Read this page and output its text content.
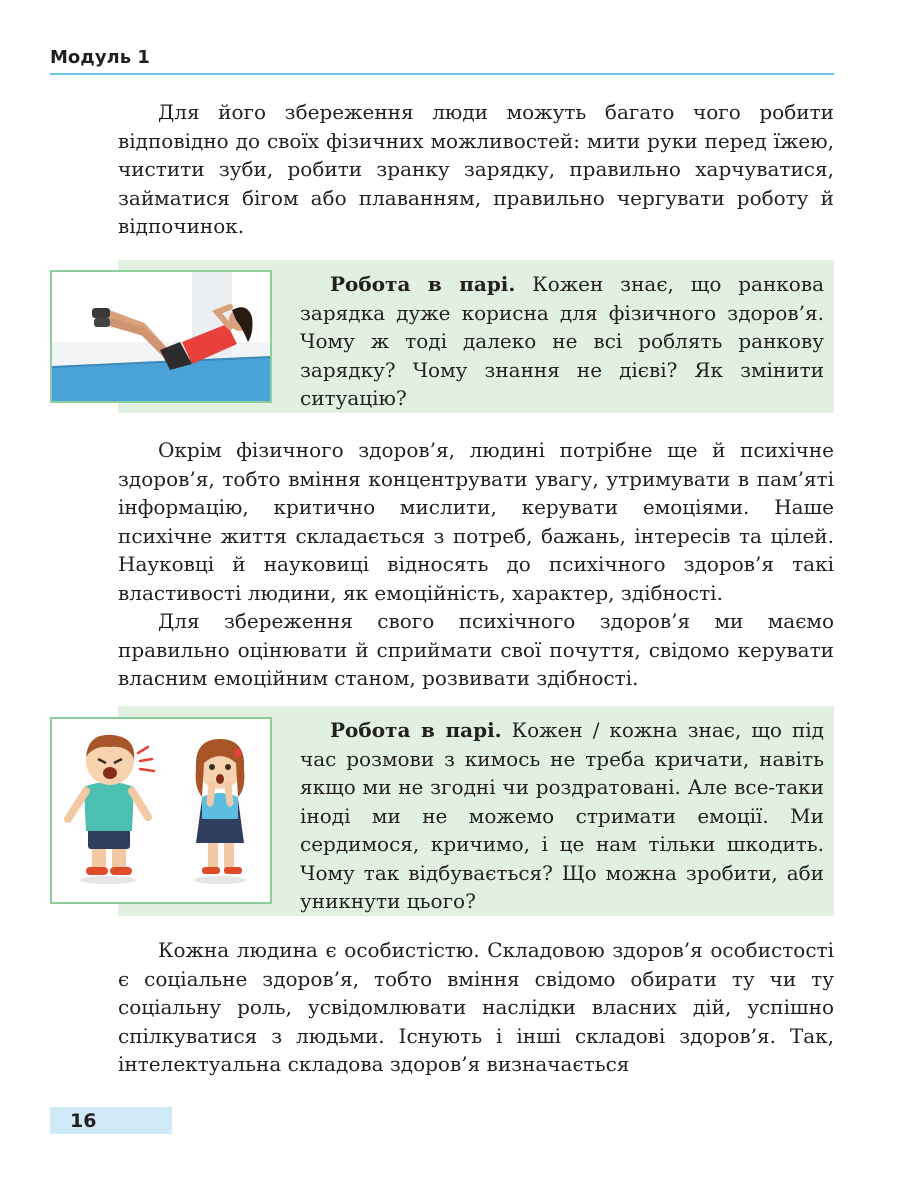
Модуль 1

Для його збереження люди можуть багато чого робити відповідно до своїх фізичних можливостей: мити руки перед їжею, чистити зуби, робити зранку зарядку, правильно харчуватися, займатися бігом або плаванням, правильно чергувати роботу й відпочинок.

Робота в парі. Кожен знає, що ранкова зарядка дуже корисна для фізичного здоров’я. Чому ж тоді далеко не всі роблять ранкову зарядку? Чому знання не дієві? Як змінити ситуацію?

Окрім фізичного здоров’я, людині потрібне ще й психічне здоров’я, тобто вміння концентрувати увагу, утримувати в пам’яті інформацію, критично мислити, керувати емоціями. Наше психічне життя складається з потреб, бажань, інтересів та цілей. Науковці й науковиці відносять до психічного здоров’я такі властивості людини, як емоційність, характер, здібності.

Для збереження свого психічного здоров’я ми маємо правильно оцінювати й сприймати свої почуття, свідомо керувати власним емоційним станом, розвивати здібності.

Робота в парі. Кожен / кожна знає, що під час розмови з кимось не треба кричати, навіть якщо ми не згодні чи роздратовані. Але все-таки іноді ми не можемо стримати емоції. Ми сердимося, кричимо, і це нам тільки шкодить. Чому так відбувається? Що можна зробити, аби уникнути цього?

Кожна людина є особистістю. Складовою здоров’я особистості є соціальне здоров’я, тобто вміння свідомо обирати ту чи ту соціальну роль, усвідомлювати наслідки власних дій, успішно спілкуватися з людьми. Існують і інші складові здоров’я. Так, інтелектуальна складова здоров’я визначається

16
